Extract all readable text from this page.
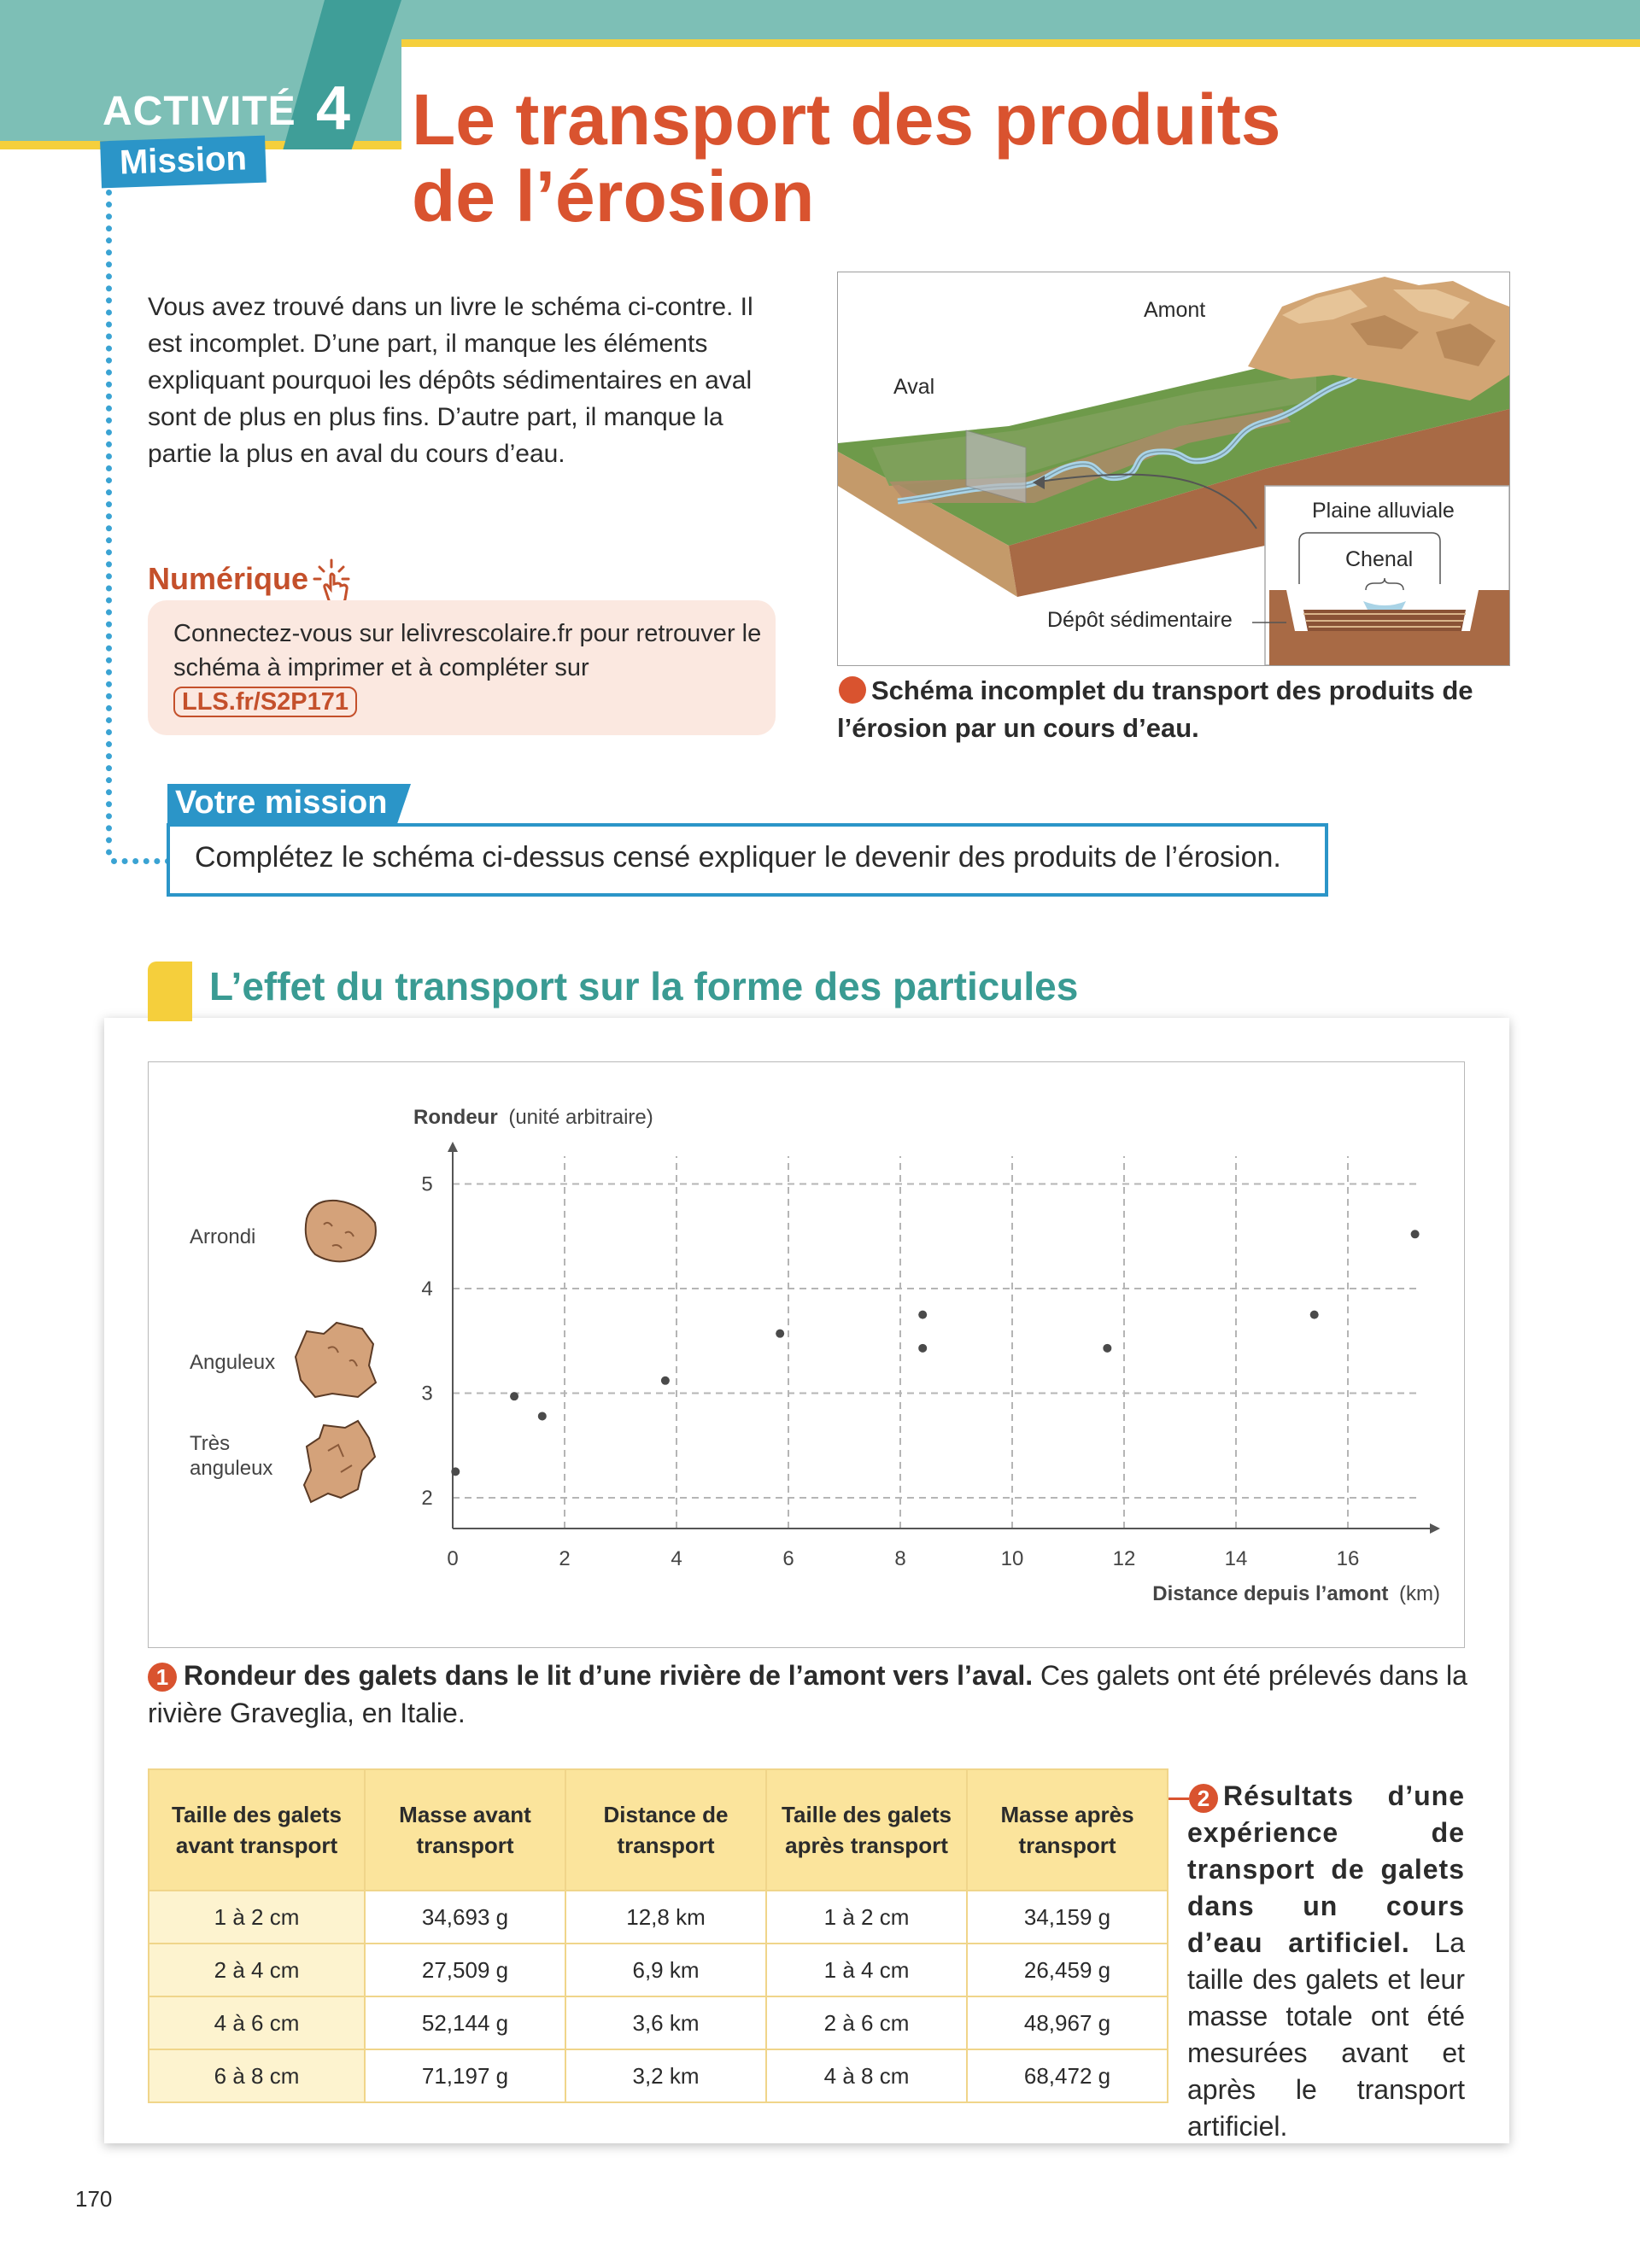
ACTIVITÉ 4
Mission
Le transport des produits
de l’érosion
Vous avez trouvé dans un livre le schéma ci-contre. Il est incomplet. D’une part, il manque les éléments expliquant pourquoi les dépôts sédimentaires en aval sont de plus en plus fins. D’autre part, il manque la partie la plus en aval du cours d’eau.
Numérique
Connectez-vous sur lelivrescolaire.fr pour retrouver le schéma à imprimer et à compléter sur LLS.fr/S2P171
Amont
Aval
Plaine alluviale
Chenal
Dépôt sédimentaire
Schéma incomplet du transport des produits de l’érosion par un cours d’eau.
Votre mission
Complétez le schéma ci-dessus censé expliquer le devenir des produits de l’érosion.
L’effet du transport sur la forme des particules
0	2	4	6	8	10	12	14	16
2
3
4
5
Rondeur (unité arbitraire)
Distance depuis l’amont (km)
Arrondi
Anguleux
Très anguleux
Rondeur des galets dans le lit d’une rivière de l’amont vers l’aval. Ces galets ont été prélevés dans la rivière Graveglia, en Italie.
1
Taille des galets avant transport	Masse avant transport	Distance de transport	Taille des galets après transport	Masse après transport
1 à 2 cm	34,693 g	12,8 km	1 à 2 cm	34,159 g
2 à 4 cm	27,509 g	6,9 km	1 à 4 cm	26,459 g
4 à 6 cm	52,144 g	3,6 km	2 à 6 cm	48,967 g
6 à 8 cm	71,197 g	3,2 km	4 à 8 cm	68,472 g
Résultats d’une expérience de transport de galets dans un cours d’eau artificiel. La taille des galets et leur masse totale ont été mesurées avant et après le transport artificiel.
2
170
